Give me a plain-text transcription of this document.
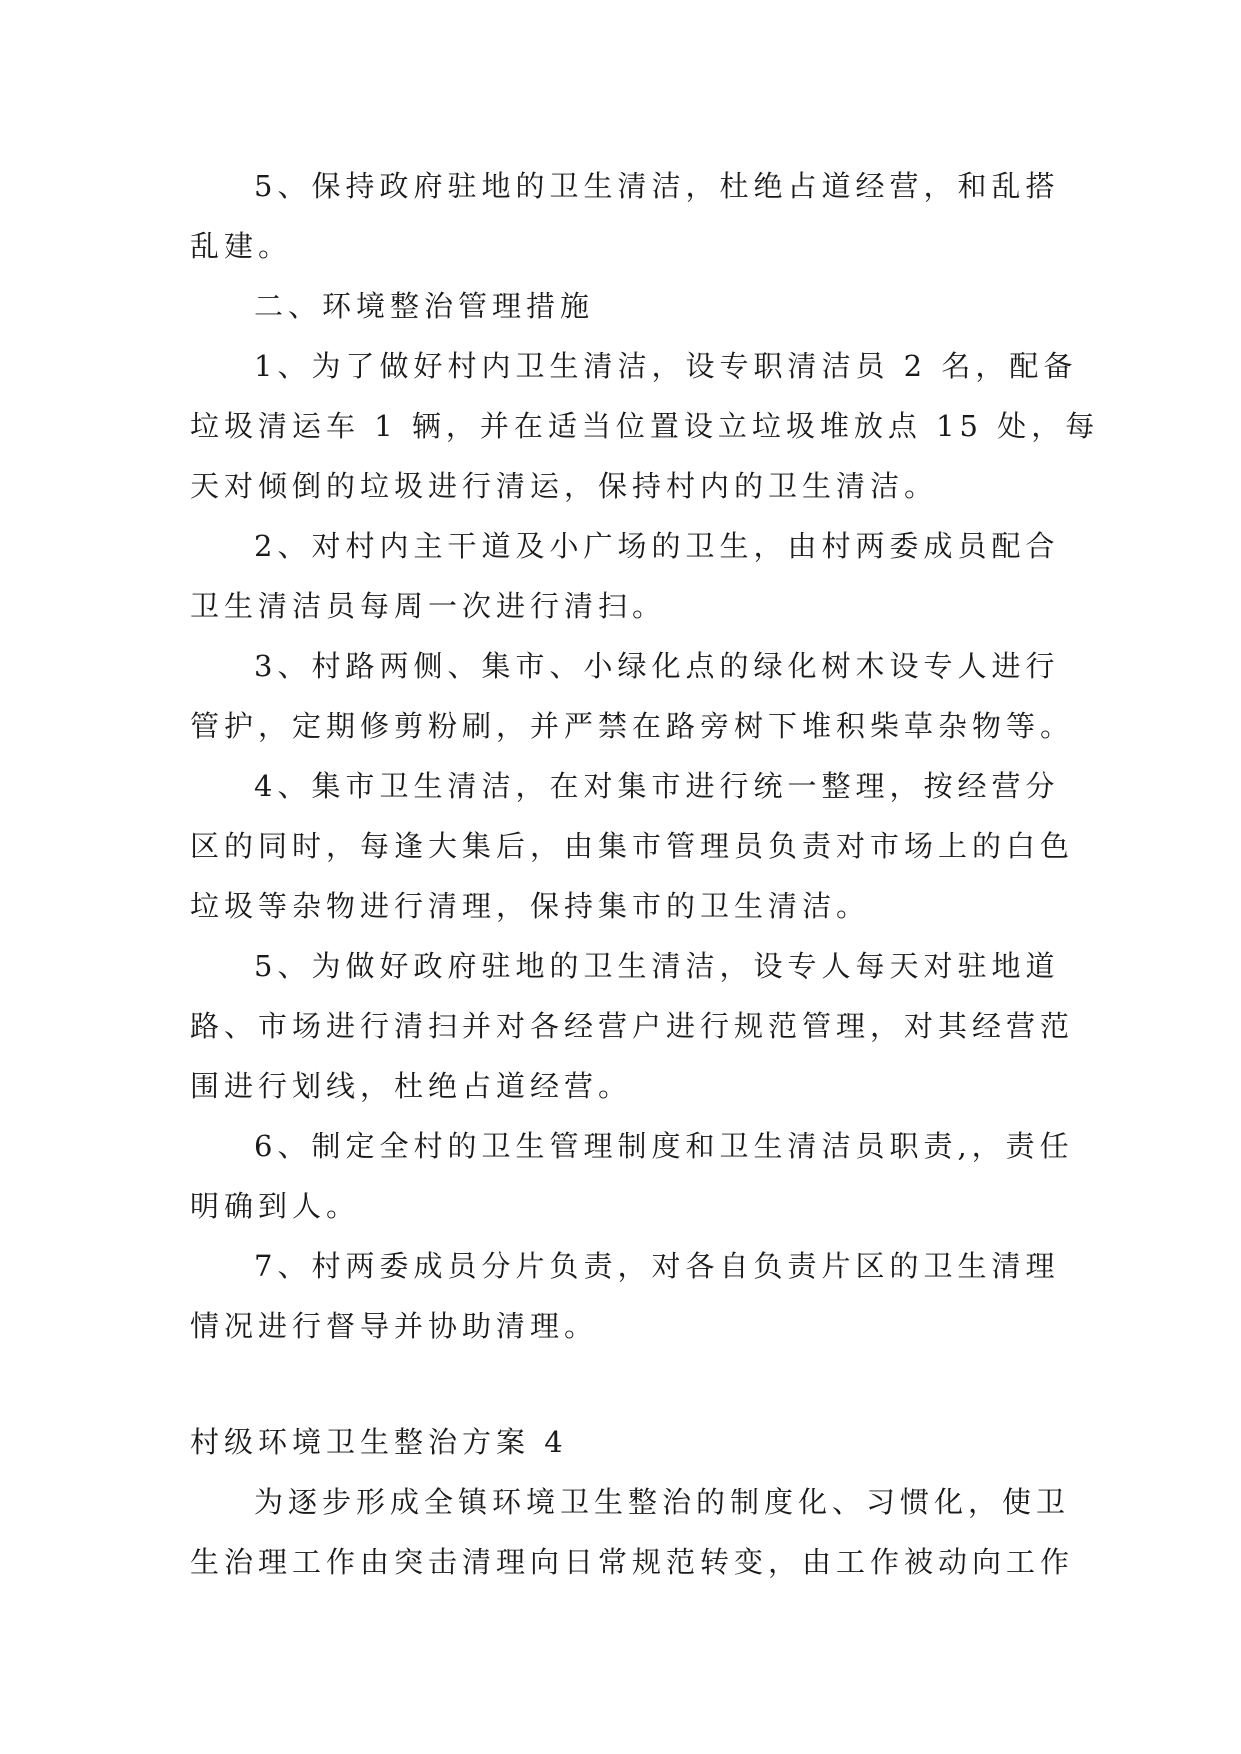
5、保持政府驻地的卫生清洁，杜绝占道经营，和乱搭
乱建。
二、环境整治管理措施
1、为了做好村内卫生清洁，设专职清洁员 2 名，配备
垃圾清运车 1 辆，并在适当位置设立垃圾堆放点 15 处，每
天对倾倒的垃圾进行清运，保持村内的卫生清洁。
2、对村内主干道及小广场的卫生，由村两委成员配合
卫生清洁员每周一次进行清扫。
3、村路两侧、集市、小绿化点的绿化树木设专人进行
管护，定期修剪粉刷，并严禁在路旁树下堆积柴草杂物等。
4、集市卫生清洁，在对集市进行统一整理，按经营分
区的同时，每逢大集后，由集市管理员负责对市场上的白色
垃圾等杂物进行清理，保持集市的卫生清洁。
5、为做好政府驻地的卫生清洁，设专人每天对驻地道
路、市场进行清扫并对各经营户进行规范管理，对其经营范
围进行划线，杜绝占道经营。
6、制定全村的卫生管理制度和卫生清洁员职责,，责任
明确到人。
7、村两委成员分片负责，对各自负责片区的卫生清理
情况进行督导并协助清理。
村级环境卫生整治方案 4
为逐步形成全镇环境卫生整治的制度化、习惯化，使卫
生治理工作由突击清理向日常规范转变，由工作被动向工作
